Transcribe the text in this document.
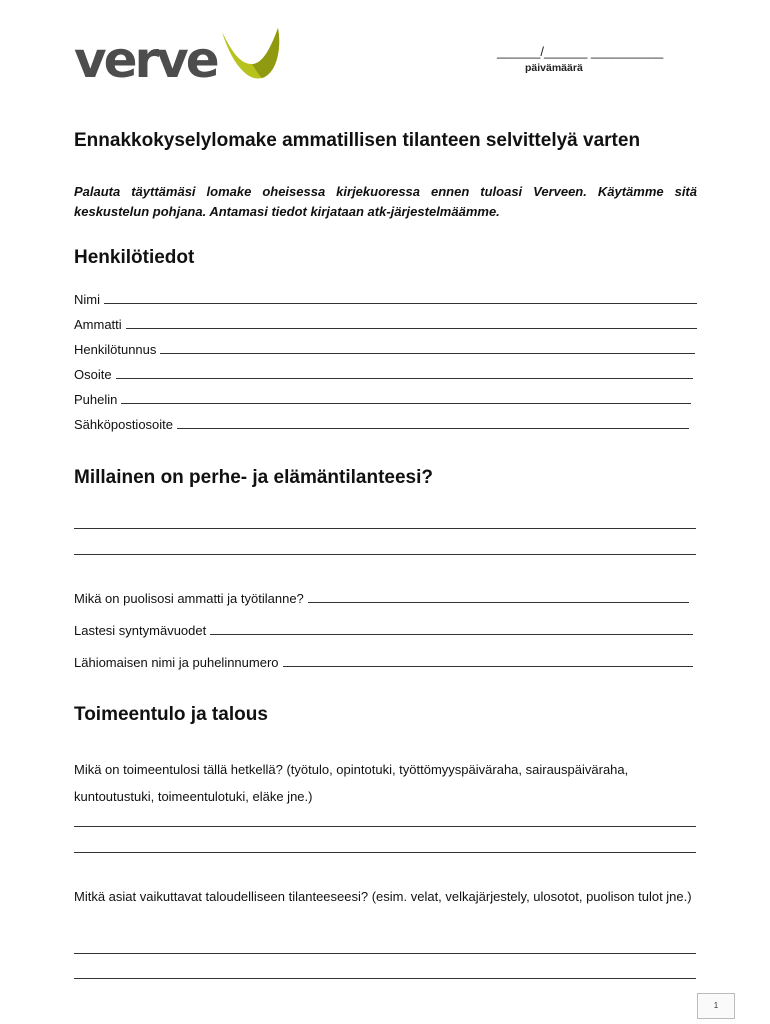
verve	______/______ __________
päivämäärä
Ennakkokyselylomake ammatillisen tilanteen selvittelyä varten
Palauta täyttämäsi lomake oheisessa kirjekuoressa ennen tuloasi Verveen. Käytämme sitä keskustelun pohjana. Antamasi tiedot kirjataan atk-järjestelmäämme.
Henkilötiedot
Nimi
Ammatti
Henkilötunnus
Osoite
Puhelin
Sähköpostiosoite
Millainen on perhe- ja elämäntilanteesi?
Mikä on puolisosi ammatti ja työtilanne?
Lastesi syntymävuodet
Lähiomaisen nimi ja puhelinnumero
Toimeentulo ja talous
Mikä on toimeentulosi tällä hetkellä? (työtulo, opintotuki, työttömyyspäiväraha, sairauspäiväraha, kuntoutustuki, toimeentulotuki, eläke jne.)
Mitkä asiat vaikuttavat taloudelliseen tilanteeseesi? (esim. velat, velkajärjestely, ulosotot, puolison tulot jne.)
1
